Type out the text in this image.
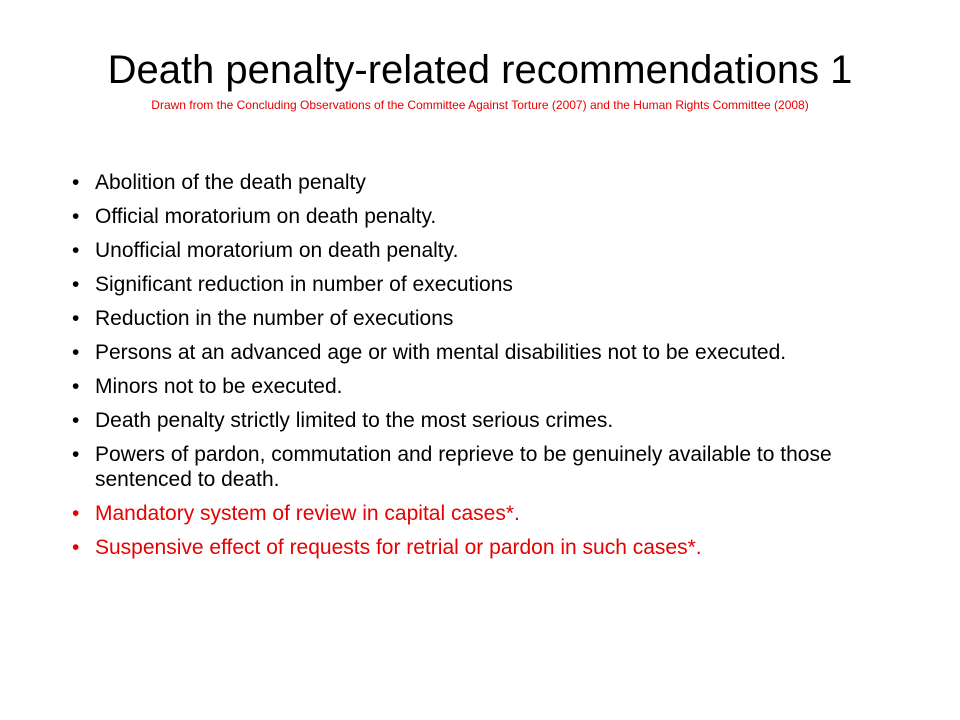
Death penalty-related recommendations 1
Drawn from the Concluding Observations of the Committee Against Torture (2007) and the Human Rights Committee (2008)
• Abolition of the death penalty
• Official moratorium on death penalty.
• Unofficial moratorium on death penalty.
• Significant reduction in number of executions
• Reduction in the number of executions
• Persons at an advanced age or with mental disabilities not to be executed.
• Minors not to be executed.
• Death penalty strictly limited to the most serious crimes.
• Powers of pardon, commutation and reprieve to be genuinely available to those sentenced to death.
• Mandatory system of review in capital cases*.
• Suspensive effect of requests for retrial or pardon in such cases*.
